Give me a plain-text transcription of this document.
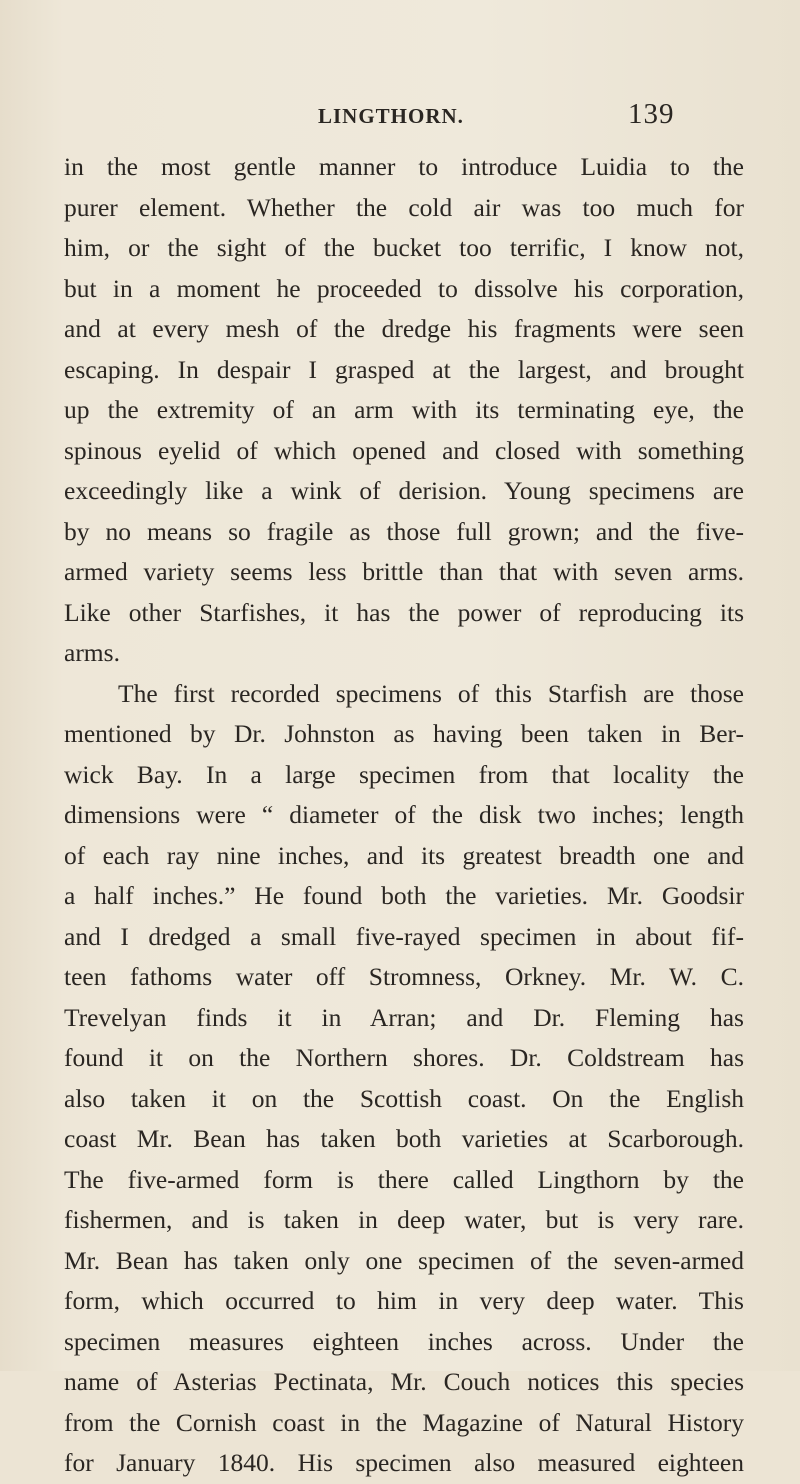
LINGTHORN.	139
in the most gentle manner to introduce Luidia to the
purer element. Whether the cold air was too much for
him, or the sight of the bucket too terrific, I know not,
but in a moment he proceeded to dissolve his corporation,
and at every mesh of the dredge his fragments were seen
escaping. In despair I grasped at the largest, and brought
up the extremity of an arm with its terminating eye, the
spinous eyelid of which opened and closed with something
exceedingly like a wink of derision. Young specimens are
by no means so fragile as those full grown; and the five-
armed variety seems less brittle than that with seven arms.
Like other Starfishes, it has the power of reproducing its
arms.
The first recorded specimens of this Starfish are those
mentioned by Dr. Johnston as having been taken in Ber-
wick Bay. In a large specimen from that locality the
dimensions were “ diameter of the disk two inches; length
of each ray nine inches, and its greatest breadth one and
a half inches.” He found both the varieties. Mr. Goodsir
and I dredged a small five-rayed specimen in about fif-
teen fathoms water off Stromness, Orkney. Mr. W. C.
Trevelyan finds it in Arran; and Dr. Fleming has
found it on the Northern shores. Dr. Coldstream has
also taken it on the Scottish coast. On the English
coast Mr. Bean has taken both varieties at Scarborough.
The five-armed form is there called Lingthorn by the
fishermen, and is taken in deep water, but is very rare.
Mr. Bean has taken only one specimen of the seven-armed
form, which occurred to him in very deep water. This
specimen measures eighteen inches across. Under the
name of Asterias Pectinata, Mr. Couch notices this species
from the Cornish coast in the Magazine of Natural History
for January 1840. His specimen also measured eighteen
